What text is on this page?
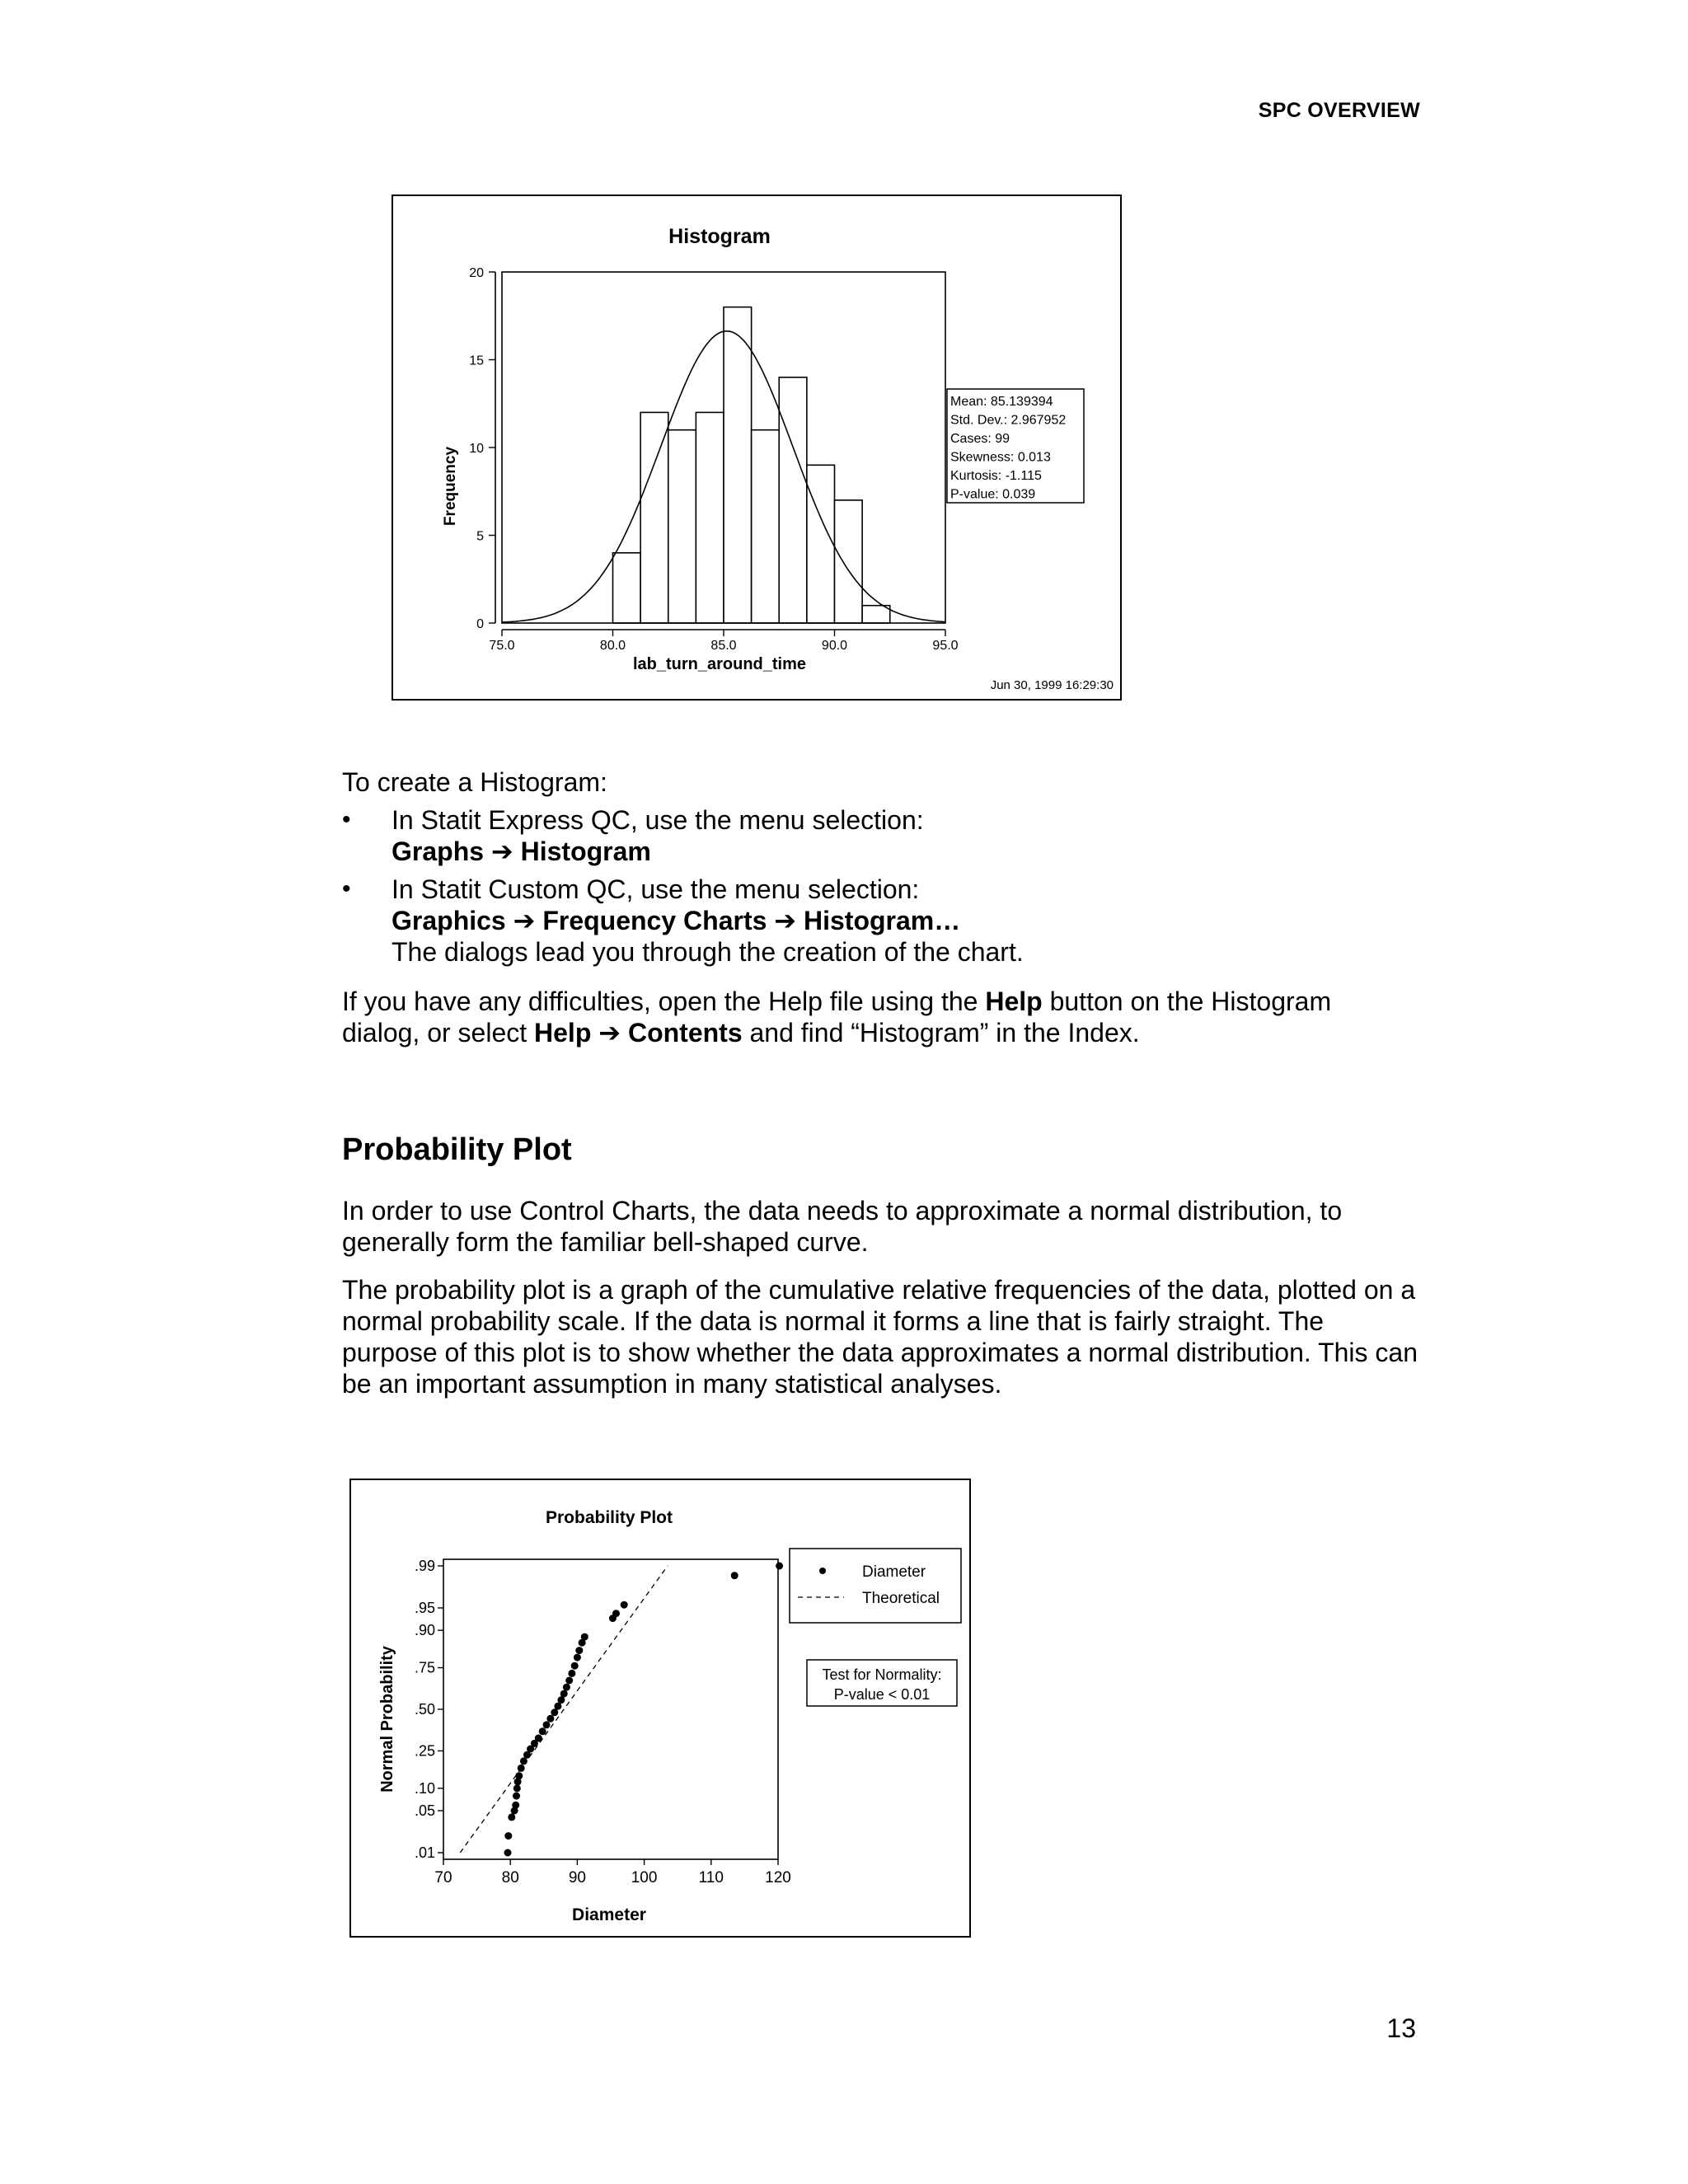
SPC OVERVIEW
Histogram
0
5
10
15
20
75.0	80.0	85.0	90.0	95.0
Frequency
lab_turn_around_time
Mean: 85.139394
Std. Dev.: 2.967952
Cases: 99
Skewness: 0.013
Kurtosis: -1.115
P-value: 0.039
Jun 30, 1999 16:29:30
To create a Histogram:
• In Statit Express QC, use the menu selection:
Graphs ➔ Histogram
• In Statit Custom QC, use the menu selection:
Graphics ➔ Frequency Charts ➔ Histogram…
The dialogs lead you through the creation of the chart.
If you have any difficulties, open the Help file using the Help button on the Histogram
dialog, or select Help ➔ Contents and find “Histogram” in the Index.
Probability Plot
In order to use Control Charts, the data needs to approximate a normal distribution, to generally form the familiar bell-shaped curve.
The probability plot is a graph of the cumulative relative frequencies of the data, plotted on a normal probability scale. If the data is normal it forms a line that is fairly straight. The purpose of this plot is to show whether the data approximates a normal distribution. This can be an important assumption in many statistical analyses.
Probability Plot
.99
.95
.90
.75
.50
.25
.10
.05
.01
70	80	90	100	110	120
Normal Probability
Diameter
Diameter
Theoretical
Test for Normality:
P-value < 0.01
13
